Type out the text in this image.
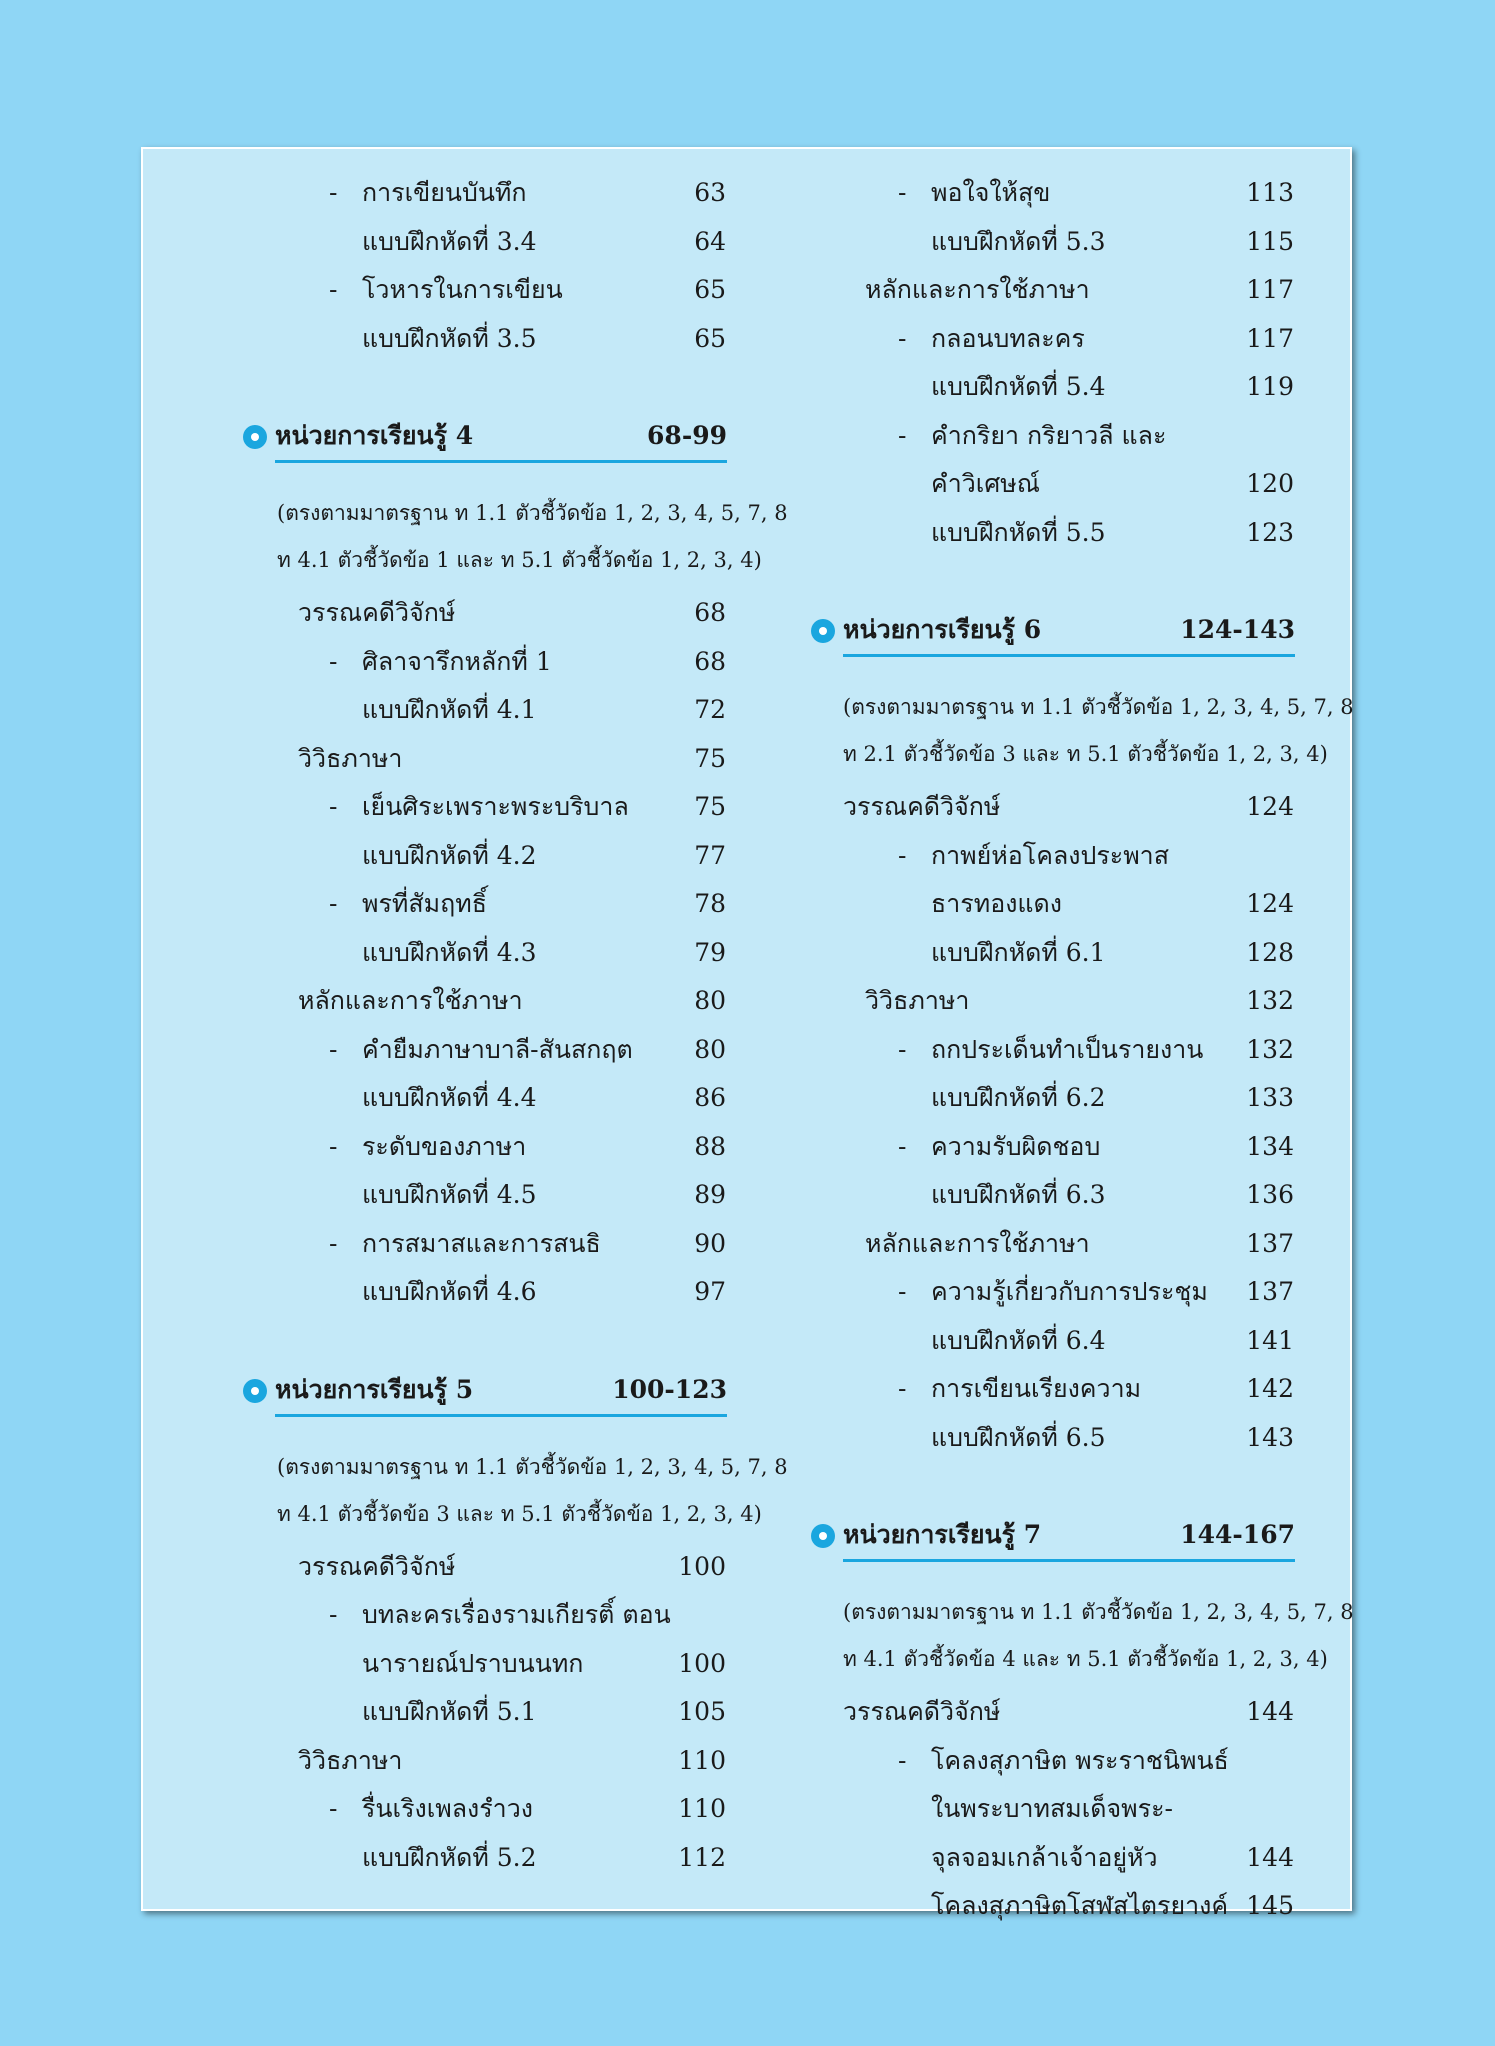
- การเขียนบันทึก	63
แบบฝึกหัดที่ 3.4	64
- โวหารในการเขียน	65
แบบฝึกหัดที่ 3.5	65
หน่วยการเรียนรู้ 4	68-99
(ตรงตามมาตรฐาน ท 1.1 ตัวชี้วัดข้อ 1, 2, 3, 4, 5, 7, 8
ท 4.1 ตัวชี้วัดข้อ 1 และ ท 5.1 ตัวชี้วัดข้อ 1, 2, 3, 4)
วรรณคดีวิจักษ์	68
- ศิลาจารึกหลักที่ 1	68
แบบฝึกหัดที่ 4.1	72
วิวิธภาษา	75
- เย็นศิระเพราะพระบริบาล	75
แบบฝึกหัดที่ 4.2	77
- พรที่สัมฤทธิ์	78
แบบฝึกหัดที่ 4.3	79
หลักและการใช้ภาษา	80
- คำยืมภาษาบาลี-สันสกฤต	80
แบบฝึกหัดที่ 4.4	86
- ระดับของภาษา	88
แบบฝึกหัดที่ 4.5	89
- การสมาสและการสนธิ	90
แบบฝึกหัดที่ 4.6	97
หน่วยการเรียนรู้ 5	100-123
(ตรงตามมาตรฐาน ท 1.1 ตัวชี้วัดข้อ 1, 2, 3, 4, 5, 7, 8
ท 4.1 ตัวชี้วัดข้อ 3 และ ท 5.1 ตัวชี้วัดข้อ 1, 2, 3, 4)
วรรณคดีวิจักษ์	100
- บทละครเรื่องรามเกียรติ์ ตอน
นารายณ์ปราบนนทก	100
แบบฝึกหัดที่ 5.1	105
วิวิธภาษา	110
- รื่นเริงเพลงรำวง	110
แบบฝึกหัดที่ 5.2	112
- พอใจให้สุข	113
แบบฝึกหัดที่ 5.3	115
หลักและการใช้ภาษา	117
- กลอนบทละคร	117
แบบฝึกหัดที่ 5.4	119
- คำกริยา กริยาวลี และ
คำวิเศษณ์	120
แบบฝึกหัดที่ 5.5	123
หน่วยการเรียนรู้ 6	124-143
(ตรงตามมาตรฐาน ท 1.1 ตัวชี้วัดข้อ 1, 2, 3, 4, 5, 7, 8
ท 2.1 ตัวชี้วัดข้อ 3 และ ท 5.1 ตัวชี้วัดข้อ 1, 2, 3, 4)
วรรณคดีวิจักษ์	124
- กาพย์ห่อโคลงประพาส
ธารทองแดง	124
แบบฝึกหัดที่ 6.1	128
วิวิธภาษา	132
- ถกประเด็นทำเป็นรายงาน	132
แบบฝึกหัดที่ 6.2	133
- ความรับผิดชอบ	134
แบบฝึกหัดที่ 6.3	136
หลักและการใช้ภาษา	137
- ความรู้เกี่ยวกับการประชุม	137
แบบฝึกหัดที่ 6.4	141
- การเขียนเรียงความ	142
แบบฝึกหัดที่ 6.5	143
หน่วยการเรียนรู้ 7	144-167
(ตรงตามมาตรฐาน ท 1.1 ตัวชี้วัดข้อ 1, 2, 3, 4, 5, 7, 8
ท 4.1 ตัวชี้วัดข้อ 4 และ ท 5.1 ตัวชี้วัดข้อ 1, 2, 3, 4)
วรรณคดีวิจักษ์	144
- โคลงสุภาษิต พระราชนิพนธ์
ในพระบาทสมเด็จพระ-
จุลจอมเกล้าเจ้าอยู่หัว	144
โคลงสุภาษิตโสฬสไตรยางค์ 145
